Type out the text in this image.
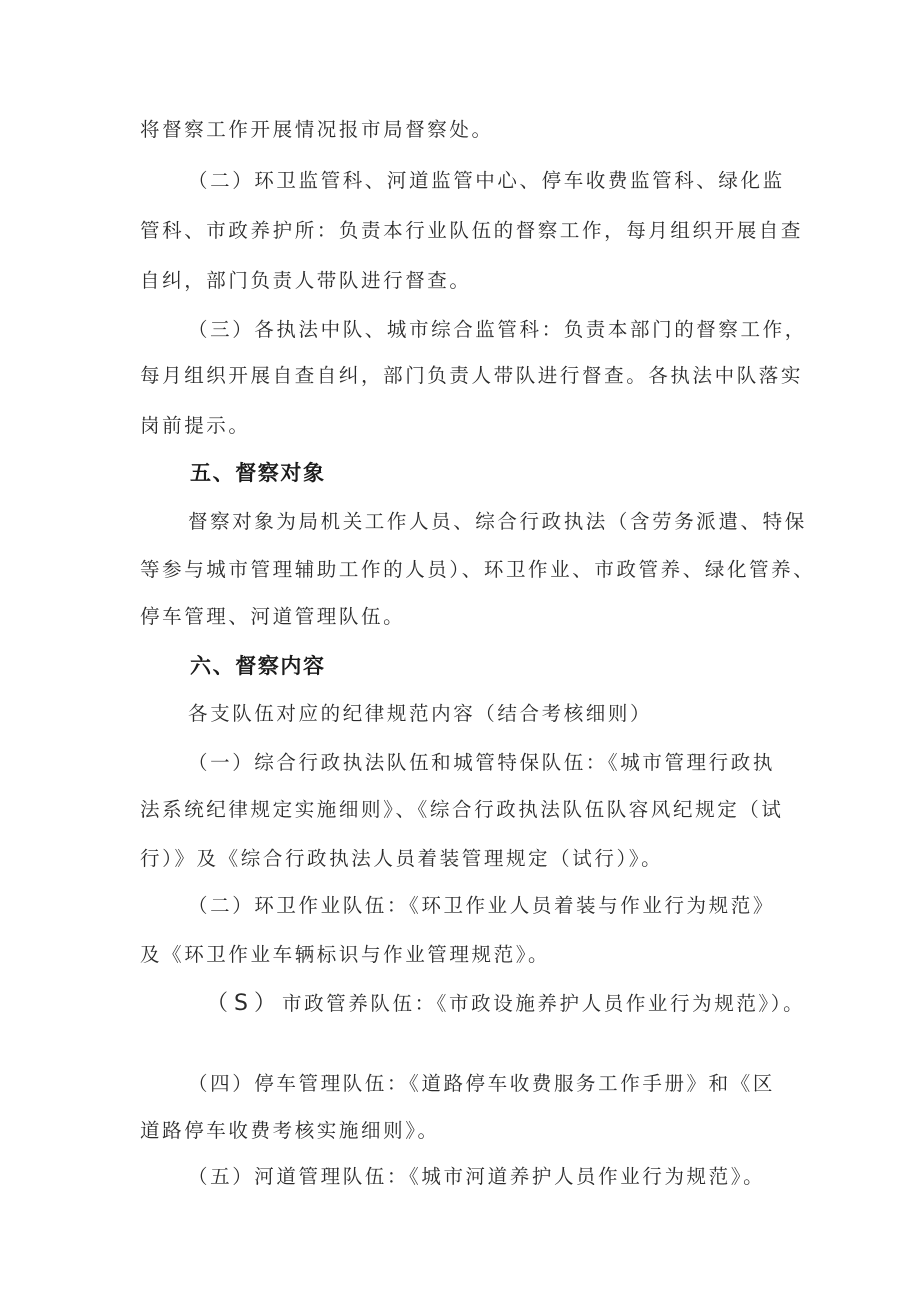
将督察工作开展情况报市局督察处。
（二）环卫监管科、河道监管中心、停车收费监管科、绿化监
管科、市政养护所：负责本行业队伍的督察工作，每月组织开展自查
自纠，部门负责人带队进行督查。
（三）各执法中队、城市综合监管科：负责本部门的督察工作，
每月组织开展自查自纠，部门负责人带队进行督查。各执法中队落实
岗前提示。
五、督察对象
督察对象为局机关工作人员、综合行政执法（含劳务派遣、特保
等参与城市管理辅助工作的人员）、环卫作业、市政管养、绿化管养、
停车管理、河道管理队伍。
六、督察内容
各支队伍对应的纪律规范内容（结合考核细则）
（一）综合行政执法队伍和城管特保队伍：《城市管理行政执
法系统纪律规定实施细则》、《综合行政执法队伍队容风纪规定（试
行）》及《综合行政执法人员着装管理规定（试行）》。
（二）环卫作业队伍：《环卫作业人员着装与作业行为规范》
及《环卫作业车辆标识与作业管理规范》。
（S）市政管养队伍：《市政设施养护人员作业行为规范》）。
（四）停车管理队伍：《道路停车收费服务工作手册》和《区
道路停车收费考核实施细则》。
（五）河道管理队伍：《城市河道养护人员作业行为规范》。
